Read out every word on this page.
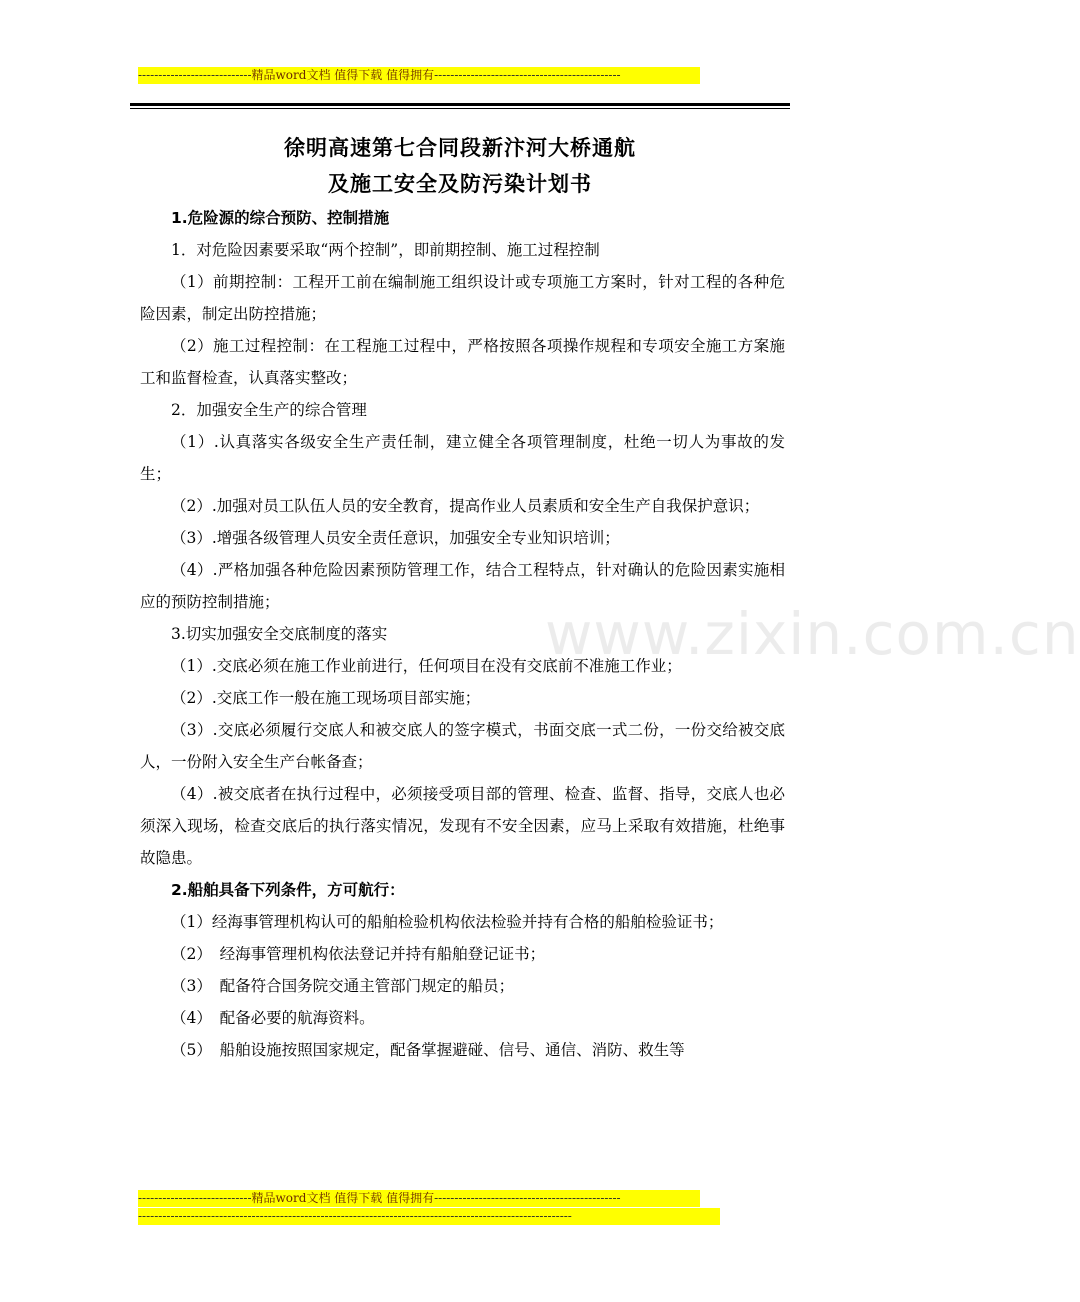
----------------------------精品word文档 值得下载 值得拥有----------------------------------------------
www.zixin.com.cn
徐明高速第七合同段新汴河大桥通航
及施工安全及防污染计划书

1.危险源的综合预防、控制措施

1．对危险因素要采取“两个控制”，即前期控制、施工过程控制

（1）前期控制：工程开工前在编制施工组织设计或专项施工方案时，针对工程的各种危险因素，制定出防控措施；

（2）施工过程控制：在工程施工过程中，严格按照各项操作规程和专项安全施工方案施工和监督检查，认真落实整改；

2．加强安全生产的综合管理

（1）.认真落实各级安全生产责任制，建立健全各项管理制度，杜绝一切人为事故的发生；

（2）.加强对员工队伍人员的安全教育，提高作业人员素质和安全生产自我保护意识；

（3）.增强各级管理人员安全责任意识，加强安全专业知识培训；

（4）.严格加强各种危险因素预防管理工作，结合工程特点，针对确认的危险因素实施相应的预防控制措施；

3.切实加强安全交底制度的落实

（1）.交底必须在施工作业前进行，任何项目在没有交底前不准施工作业；

（2）.交底工作一般在施工现场项目部实施；

（3）.交底必须履行交底人和被交底人的签字模式，书面交底一式二份，一份交给被交底人，一份附入安全生产台帐备查；

（4）.被交底者在执行过程中，必须接受项目部的管理、检查、监督、指导，交底人也必须深入现场，检查交底后的执行落实情况，发现有不安全因素，应马上采取有效措施，杜绝事故隐患。

2.船舶具备下列条件，方可航行：

（1）经海事管理机构认可的船舶检验机构依法检验并持有合格的船舶检验证书；

（2）　经海事管理机构依法登记并持有船舶登记证书；

（3）　配备符合国务院交通主管部门规定的船员；

（4）　配备必要的航海资料。

（5）　船舶设施按照国家规定，配备掌握避碰、信号、通信、消防、救生等

----------------------------精品word文档 值得下载 值得拥有----------------------------------------------
-----------------------------------------------------------------------------------------------------------
